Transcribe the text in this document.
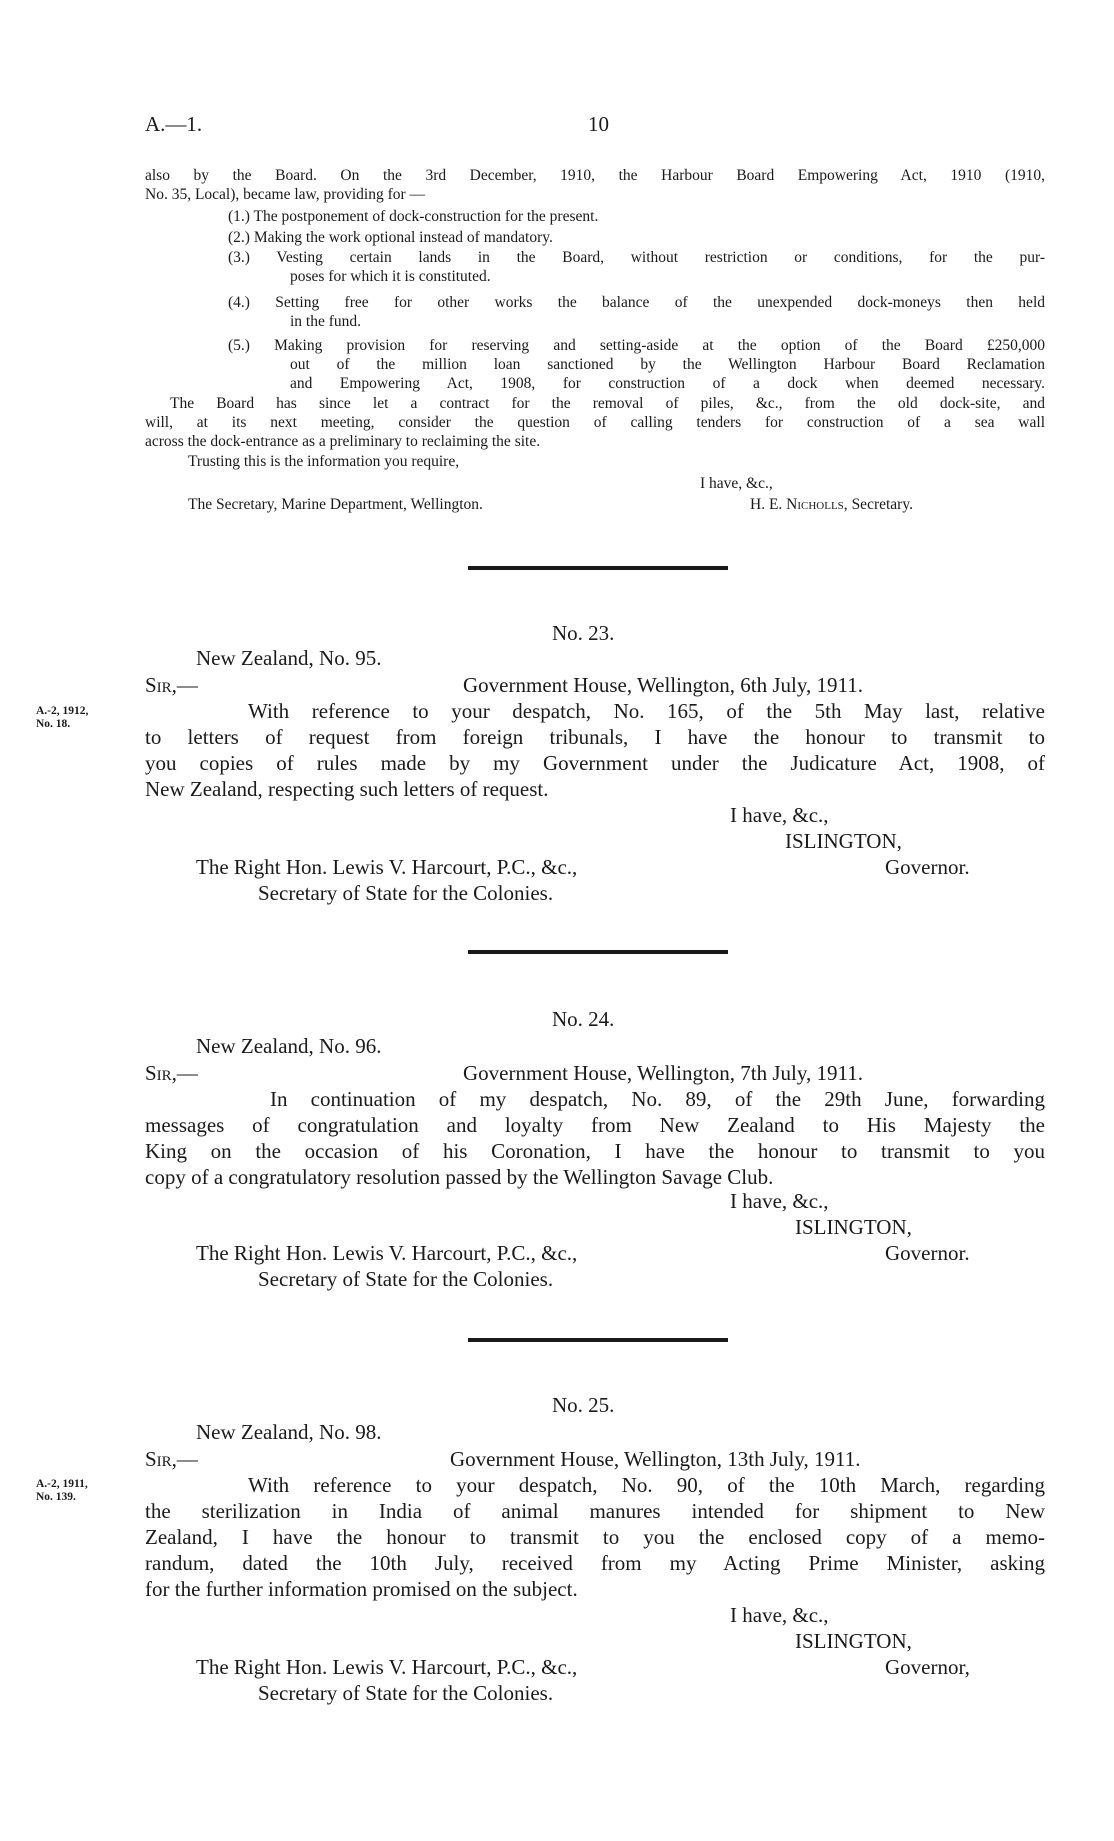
A.—1.	10
also by the Board. On the 3rd December, 1910, the Harbour Board Empowering Act, 1910 (1910,
No. 35, Local), became law, providing for —
(1.) The postponement of dock-construction for the present.
(2.) Making the work optional instead of mandatory.
(3.) Vesting certain lands in the Board, without restriction or conditions, for the pur-
poses for which it is constituted.
(4.) Setting free for other works the balance of the unexpended dock-moneys then held
in the fund.
(5.) Making provision for reserving and setting-aside at the option of the Board £250,000
out of the million loan sanctioned by the Wellington Harbour Board Reclamation
and Empowering Act, 1908, for construction of a dock when deemed necessary.
The Board has since let a contract for the removal of piles, &c., from the old dock-site, and
will, at its next meeting, consider the question of calling tenders for construction of a sea wall
across the dock-entrance as a preliminary to reclaiming the site.
Trusting this is the information you require,
I have, &c.,
The Secretary, Marine Department, Wellington.	H. E. Nicholls, Secretary.
No. 23.
New Zealand, No. 95.
Sir,—	Government House, Wellington, 6th July, 1911.
A.-2, 1912,
No. 18.
With reference to your despatch, No. 165, of the 5th May last, relative
to letters of request from foreign tribunals, I have the honour to transmit to
you copies of rules made by my Government under the Judicature Act, 1908, of
New Zealand, respecting such letters of request.
I have, &c.,
ISLINGTON,
Governor.
The Right Hon. Lewis V. Harcourt, P.C., &c.,
Secretary of State for the Colonies.
No. 24.
New Zealand, No. 96.
Sir,—	Government House, Wellington, 7th July, 1911.
In continuation of my despatch, No. 89, of the 29th June, forwarding
messages of congratulation and loyalty from New Zealand to His Majesty the
King on the occasion of his Coronation, I have the honour to transmit to you
copy of a congratulatory resolution passed by the Wellington Savage Club.
I have, &c.,
ISLINGTON,
Governor.
The Right Hon. Lewis V. Harcourt, P.C., &c.,
Secretary of State for the Colonies.
No. 25.
New Zealand, No. 98.
Sir,—	Government House, Wellington, 13th July, 1911.
A.-2, 1911,
No. 139.	With reference to your despatch, No. 90, of the 10th March, regarding
the sterilization in India of animal manures intended for shipment to New
Zealand, I have the honour to transmit to you the enclosed copy of a memo-
randum, dated the 10th July, received from my Acting Prime Minister, asking
for the further information promised on the subject.
I have, &c.,
ISLINGTON,
Governor,
The Right Hon. Lewis V. Harcourt, P.C., &c.,
Secretary of State for the Colonies.
